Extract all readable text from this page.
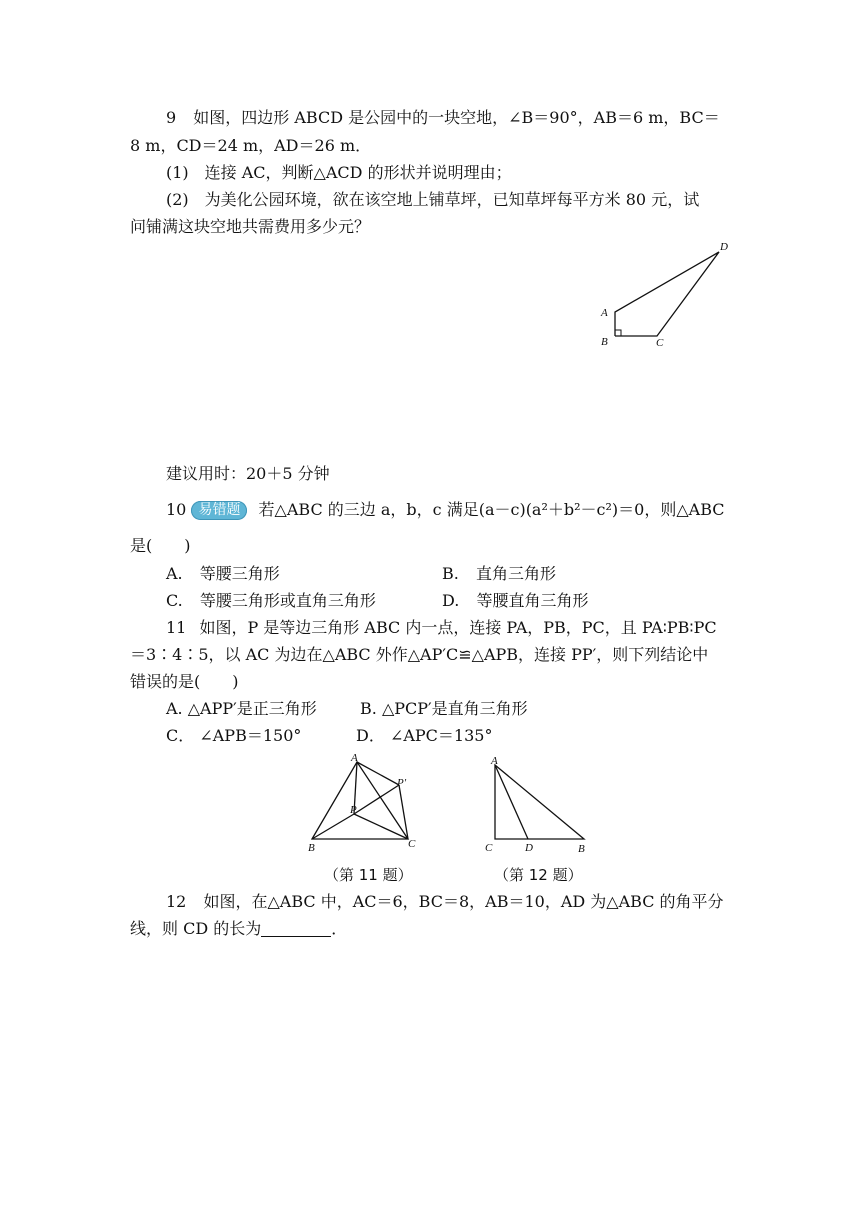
9 如图，四边形 ABCD 是公园中的一块空地，∠B＝90°，AB＝6 m，BC＝
8 m，CD＝24 m，AD＝26 m．
(1)　连接 AC，判断△ACD 的形状并说明理由；
(2)　为美化公园环境，欲在该空地上铺草坪，已知草坪每平方米 80 元，试
问铺满这块空地共需费用多少元？
A
B	C
D
建议用时：20＋5 分钟
10 易错题 若△ABC 的三边 a，b，c 满足(a－c)(a²＋b²－c²)＝0，则△ABC
是(　　)
A. 等腰三角形	B. 直角三角形
C. 等腰三角形或直角三角形	D. 等腰直角三角形
11 如图，P 是等边三角形 ABC 内一点，连接 PA，PB，PC，且 PA∶PB∶PC
＝3∶4∶5，以 AC 为边在△ABC 外作△AP′C≌△APB，连接 PP′，则下列结论中
错误的是(　　)
A. △APP′是正三角形	B. △PCP′是直角三角形
C． ∠APB＝150°	D． ∠APC＝135°
A
B	C
P
P′
（第 11 题）
A
C	D	B
（第 12 题）
12 如图，在△ABC 中，AC＝6，BC＝8，AB＝10，AD 为△ABC 的角平分
线，则 CD 的长为	．
